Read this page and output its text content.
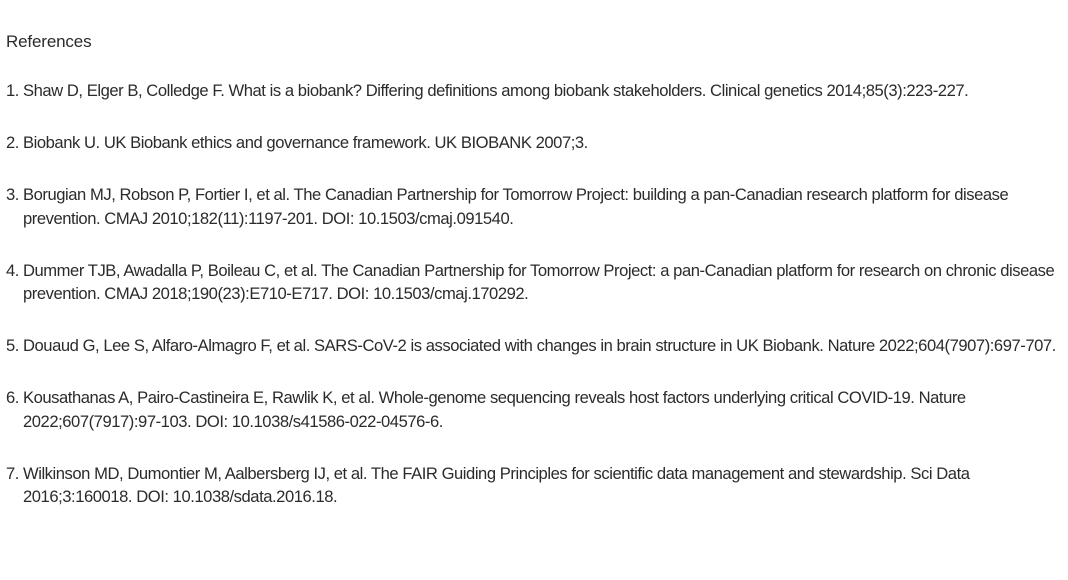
References
1. Shaw D, Elger B, Colledge F. What is a biobank? Differing definitions among biobank stakeholders. Clinical genetics 2014;85(3):223-227.
2. Biobank U. UK Biobank ethics and governance framework. UK BIOBANK 2007;3.
3. Borugian MJ, Robson P, Fortier I, et al. The Canadian Partnership for Tomorrow Project: building a pan-Canadian research platform for disease prevention. CMAJ 2010;182(11):1197-201. DOI: 10.1503/cmaj.091540.
4. Dummer TJB, Awadalla P, Boileau C, et al. The Canadian Partnership for Tomorrow Project: a pan-Canadian platform for research on chronic disease prevention. CMAJ 2018;190(23):E710-E717. DOI: 10.1503/cmaj.170292.
5. Douaud G, Lee S, Alfaro-Almagro F, et al. SARS-CoV-2 is associated with changes in brain structure in UK Biobank. Nature 2022;604(7907):697-707.
6. Kousathanas A, Pairo-Castineira E, Rawlik K, et al. Whole-genome sequencing reveals host factors underlying critical COVID-19. Nature 2022;607(7917):97-103. DOI: 10.1038/s41586-022-04576-6.
7. Wilkinson MD, Dumontier M, Aalbersberg IJ, et al. The FAIR Guiding Principles for scientific data management and stewardship. Sci Data 2016;3:160018. DOI: 10.1038/sdata.2016.18.
